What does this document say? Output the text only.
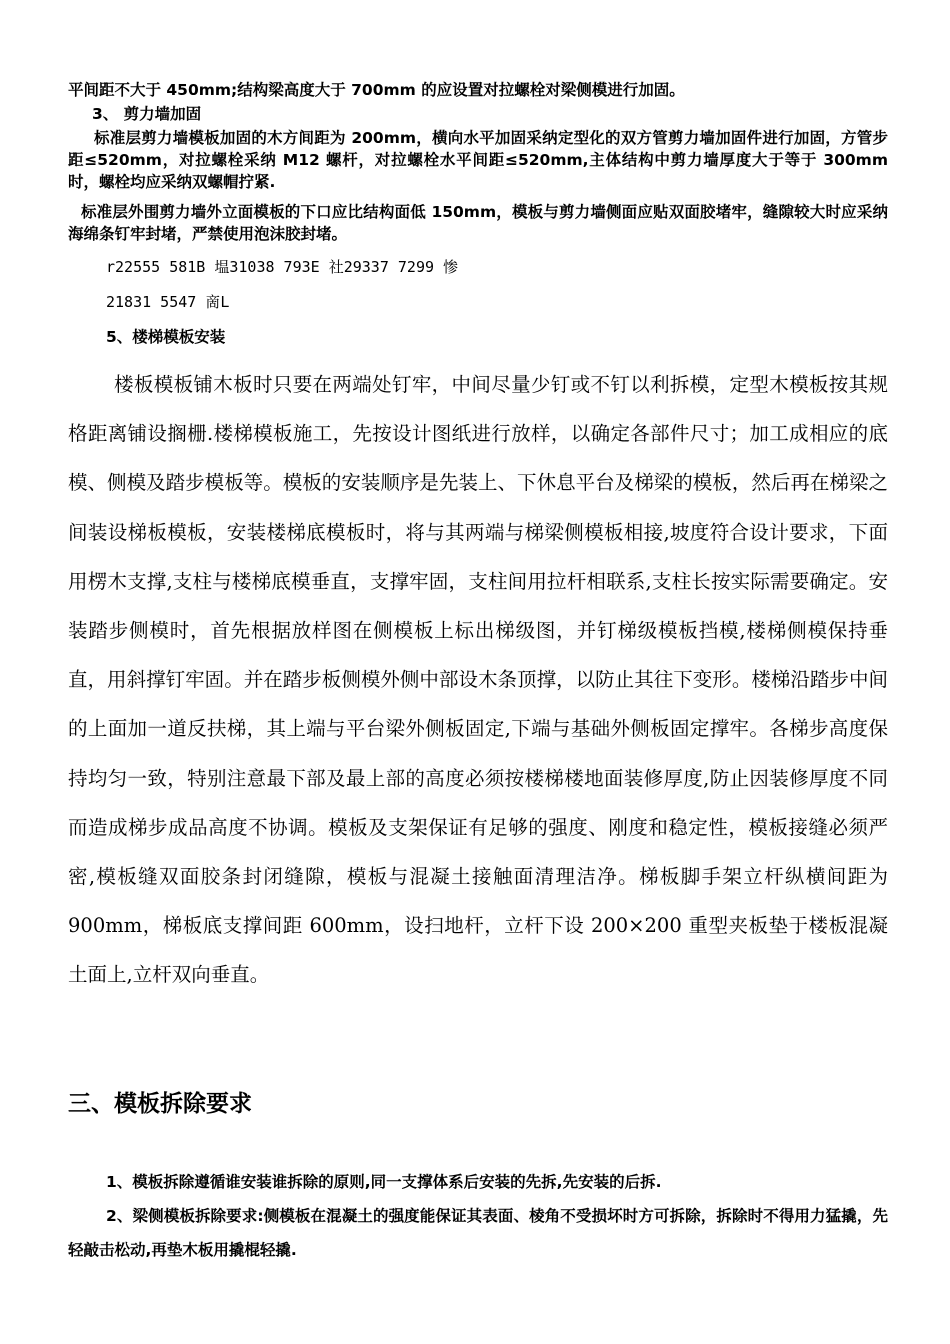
平间距不大于 450mm;结构梁高度大于 700mm 的应设置对拉螺栓对梁侧模进行加固。

3、 剪力墙加固

标准层剪力墙模板加固的木方间距为 200mm，横向水平加固采纳定型化的双方管剪力墙加固件进行加固，方管步距≤520mm，对拉螺栓采纳 M12 螺杆，对拉螺栓水平间距≤520mm,主体结构中剪力墙厚度大于等于 300mm 时，螺栓均应采纳双螺帽拧紧.

标准层外围剪力墙外立面模板的下口应比结构面低 150mm，模板与剪力墙侧面应贴双面胶堵牢，缝隙较大时应采纳海绵条钉牢封堵，严禁使用泡沫胶封堵。

r22555 581B 塭31038 793E 社29337 7299 惨

21831 5547 啇L

5、楼梯模板安装

楼板模板铺木板时只要在两端处钉牢，中间尽量少钉或不钉以利拆模，定型木模板按其规格距离铺设搁栅.楼梯模板施工，先按设计图纸进行放样，以确定各部件尺寸；加工成相应的底模、侧模及踏步模板等。模板的安装顺序是先装上、下休息平台及梯梁的模板，然后再在梯梁之间装设梯板模板，安装楼梯底模板时，将与其两端与梯梁侧模板相接,坡度符合设计要求，下面用楞木支撑,支柱与楼梯底模垂直，支撑牢固，支柱间用拉杆相联系,支柱长按实际需要确定。安装踏步侧模时，首先根据放样图在侧模板上标出梯级图，并钉梯级模板挡模,楼梯侧模保持垂直，用斜撑钉牢固。并在踏步板侧模外侧中部设木条顶撑，以防止其往下变形。楼梯沿踏步中间的上面加一道反扶梯，其上端与平台梁外侧板固定,下端与基础外侧板固定撑牢。各梯步高度保持均匀一致，特别注意最下部及最上部的高度必须按楼梯楼地面装修厚度,防止因装修厚度不同而造成梯步成品高度不协调。模板及支架保证有足够的强度、刚度和稳定性，模板接缝必须严密,模板缝双面胶条封闭缝隙，模板与混凝土接触面清理洁净。梯板脚手架立杆纵横间距为 900mm，梯板底支撑间距 600mm，设扫地杆，立杆下设 200×200 重型夹板垫于楼板混凝土面上,立杆双向垂直。

三、模板拆除要求

1、模板拆除遵循谁安装谁拆除的原则,同一支撑体系后安装的先拆,先安装的后拆.

2、梁侧模板拆除要求:侧模板在混凝土的强度能保证其表面、棱角不受损坏时方可拆除，拆除时不得用力猛撬，先轻敲击松动,再垫木板用撬棍轻撬.
